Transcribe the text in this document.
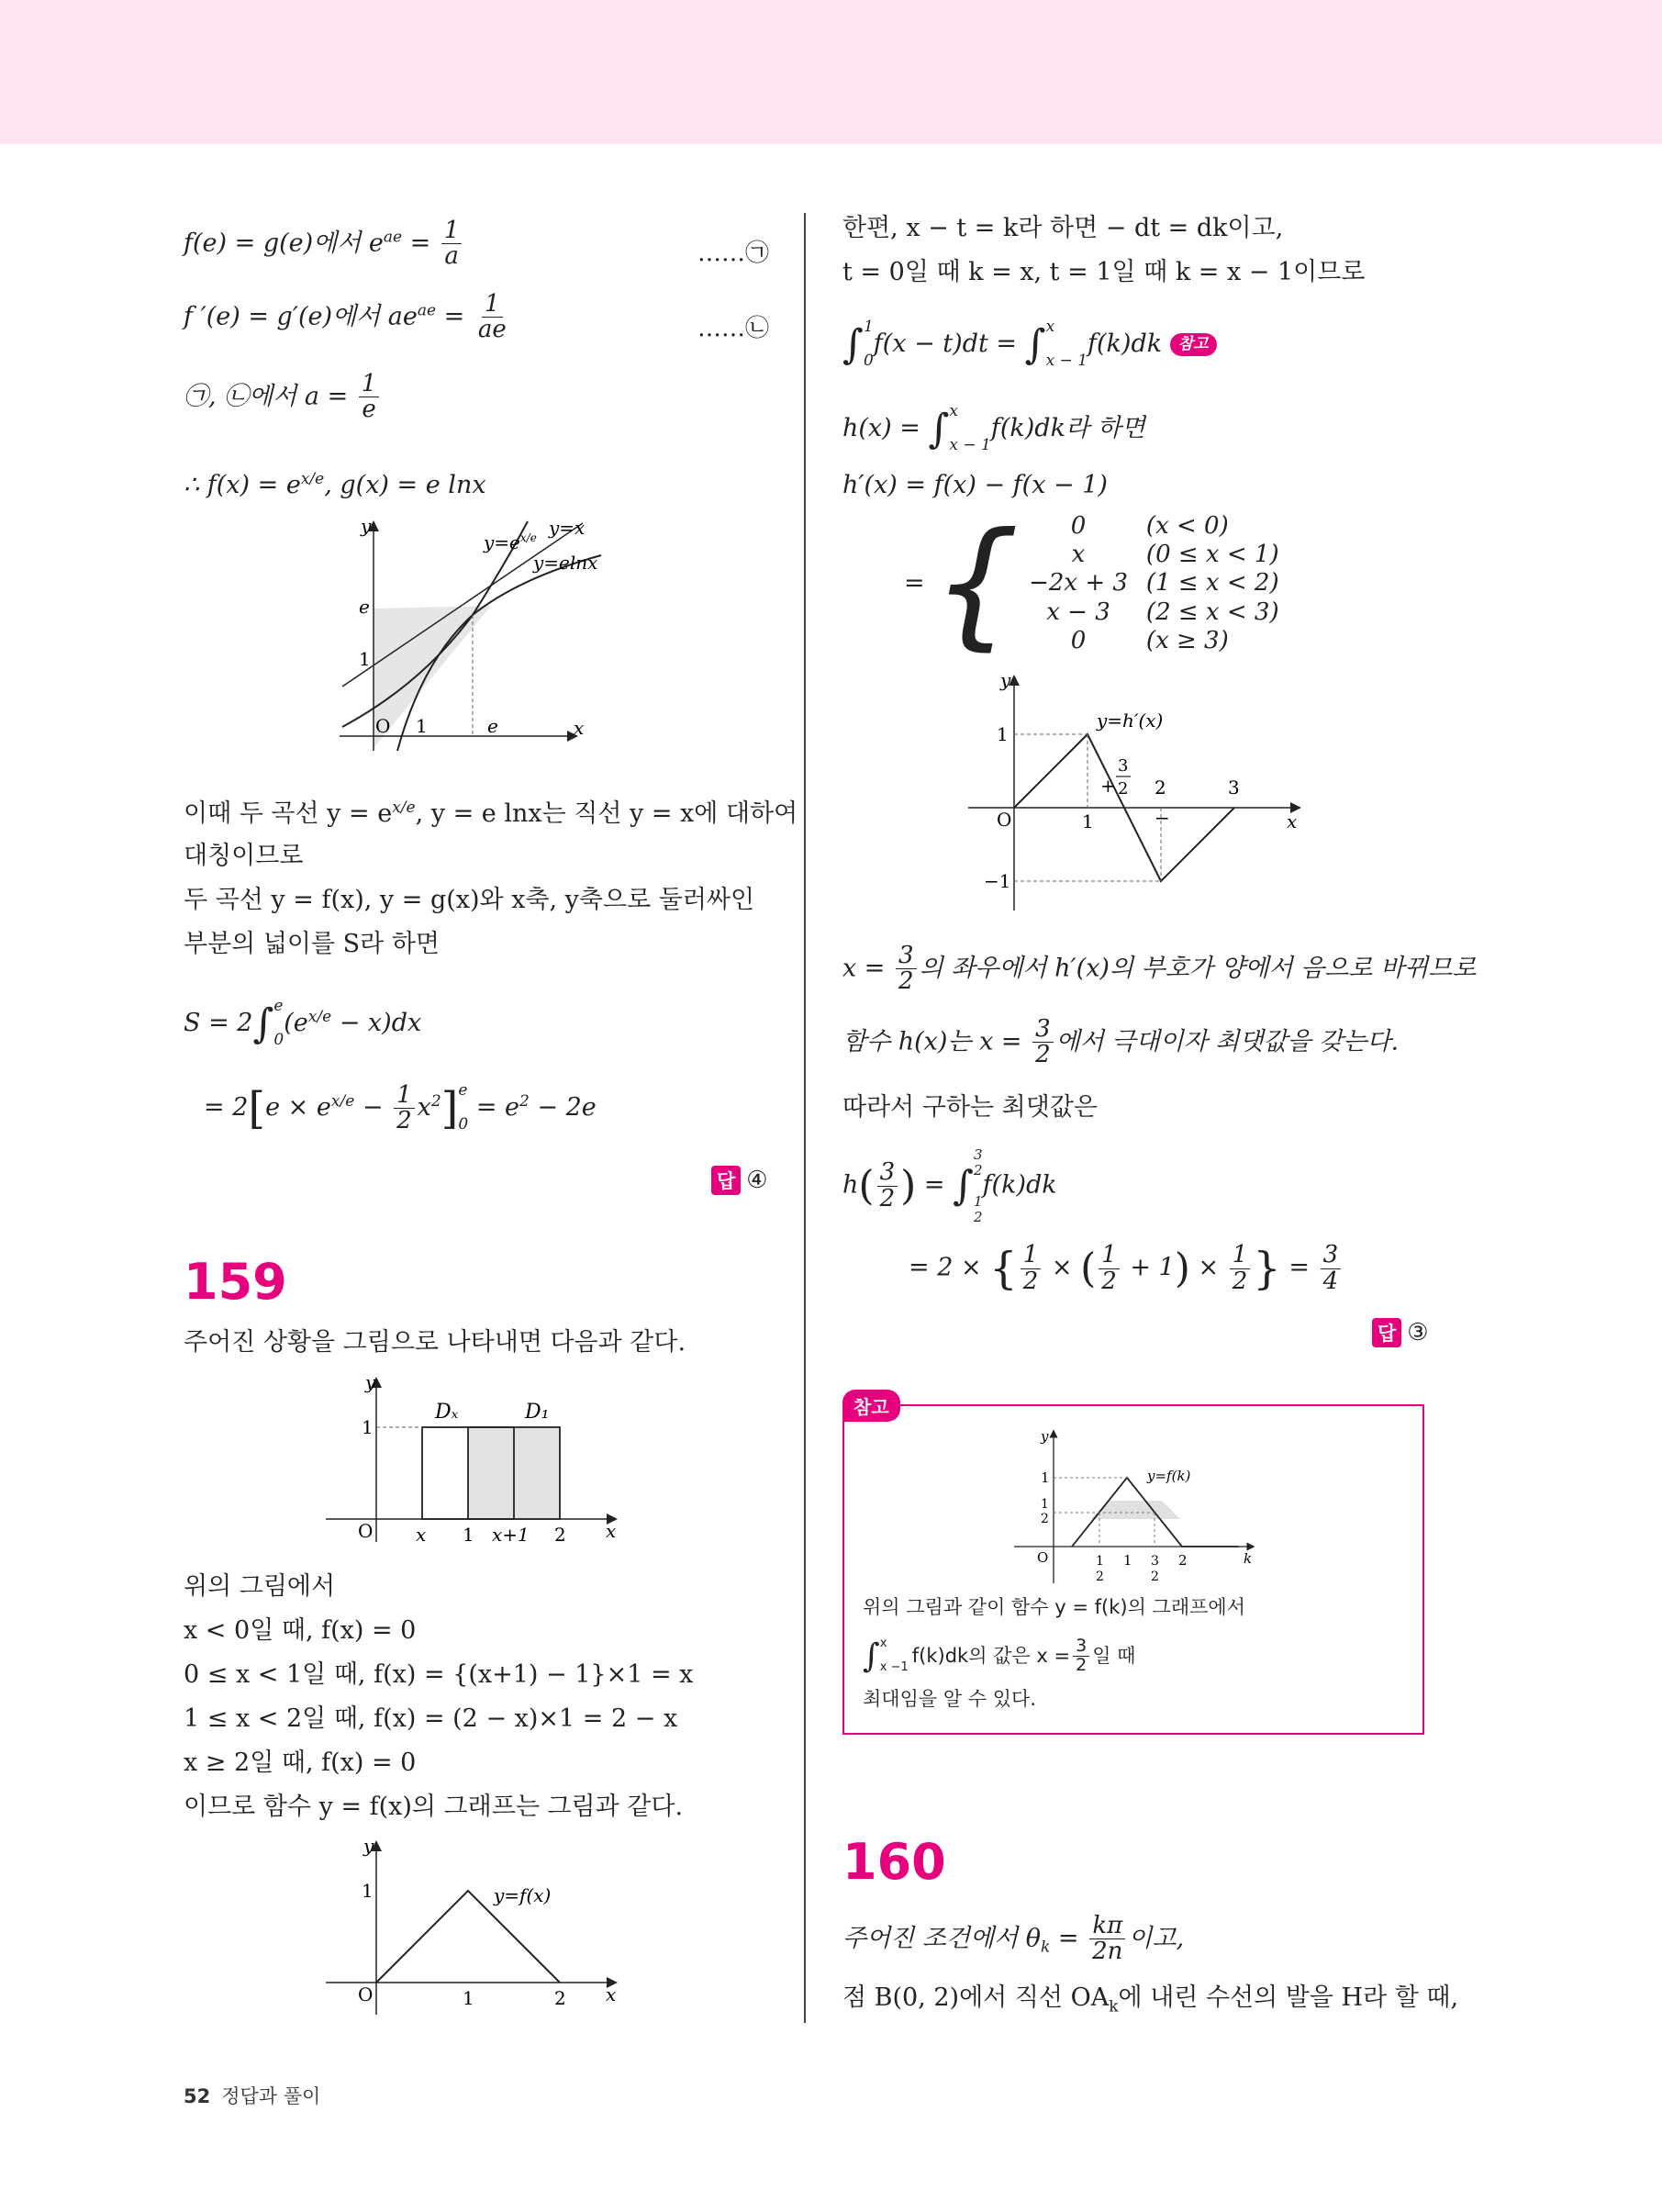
f(e) = g(e)에서 $e^{ae} = \frac{1}{a}$	……㉠
f ′(e) = g′(e)에서 $ae^{ae} = \frac{1}{ae}$	……㉡
㉠, ㉡에서 $a = \frac{1}{e}$
∴ $f(x) = e^{x/e}$, g(x) = e lnx
y
x
O 1	e
1
e
$y=e^{x/e}$ y=x
y=elnx
이때 두 곡선 $y = e^{x/e}$, y = e lnx는 직선 y = x에 대하여
대칭이므로
두 곡선 y = f(x), y = g(x)와 x축, y축으로 둘러싸인
부분의 넓이를 S라 하면
S = 2∫ e
0
$(e^{x/e} - x)dx$
= $2[e \times e^{x/e} - \frac{1}{2} x^2]$ e
0
= $e^2 - 2e$
답 ④
159
주어진 상황을 그림으로 나타내면 다음과 같다.
y
x
O
1
Dₓ	D₁
x 1 x+1 2
위의 그림에서
x < 0일 때, f(x) = 0
0 ≤ x < 1일 때, f(x) = {(x+1) − 1}×1 = x
1 ≤ x < 2일 때, f(x) = (2 − x)×1 = 2 − x
x ≥ 2일 때, f(x) = 0
이므로 함수 y = f(x)의 그래프는 그림과 같다.
y
x
O
1
1	2
y=f(x)
한편, x − t = k라 하면 − dt = dk이고,
t = 0일 때 k = x, t = 1일 때 k = x − 1이므로
∫ 1
0
f(x − t)dt = ∫ x
x − 1
f(k)dk 참고
h(x) = ∫ x
x − 1
f(k)dk라 하면
h′(x) = f(x) − f(x − 1)
= { 0	(x < 0)
x	(0 ≤ x < 1)
−2x + 3	(1 ≤ x < 2)
x − 3	(2 ≤ x < 3)
0	(x ≥ 3)
y
x
O
1
−1
1
3
2
+
−
2	3
y=h′(x)
$x = \frac{3}{2}$ 의 좌우에서 h′(x)의 부호가 양에서 음으로 바뀌므로
함수 h(x)는 $x = \frac{3}{2}$ 에서 극대이자 최댓값을 갖는다.
따라서 구하는 최댓값은
$h( \frac{3}{2}$ ) = ∫
3
2
1
2
f(k)dk
= 2 × { $\frac{1}{2}$ × ( $\frac{1}{2} + 1) \times \frac{1}{2}$ } = $\frac{3}{4}$
답 ③
참고
y
k
O
1
1
2
1
2
1 3
2
2
y=f(k)
위의 그림과 같이 함수 y = f(k)의 그래프에서
∫ x
x −1
f(k)dk의 값은 $x = \frac{3}{2}$ 일 때
최대임을 알 수 있다.
160
주어진 조건에서 $\theta_k = \frac{k\pi}{2n}$ 이고,
점 B(0, 2)에서 직선 $OA_k$에 내린 수선의 발을 H라 할 때,
52 정답과 풀이
